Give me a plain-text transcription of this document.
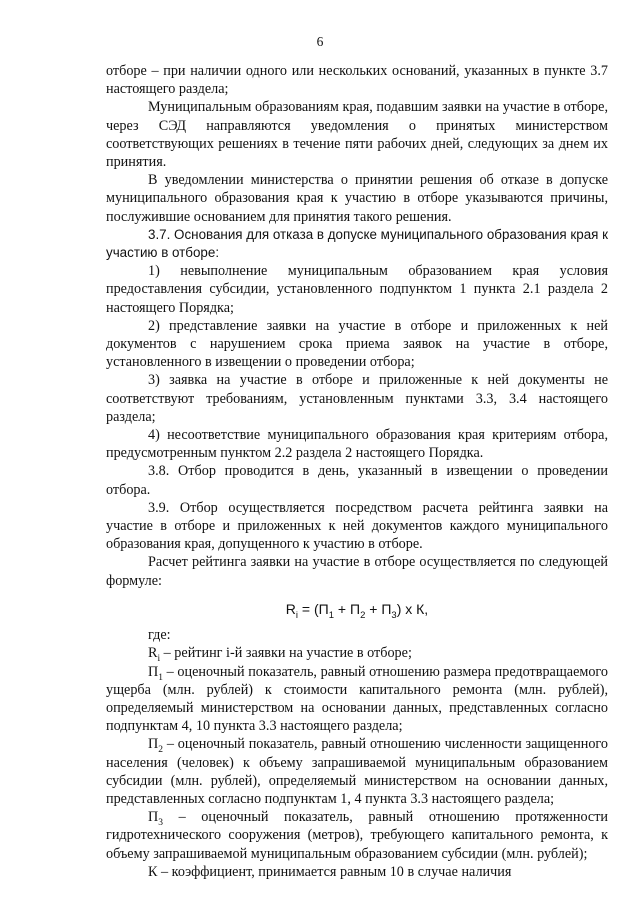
6

отборе – при наличии одного или нескольких оснований, указанных в пункте 3.7 настоящего раздела;

Муниципальным образованиям края, подавшим заявки на участие в отборе, через СЭД направляются уведомления о принятых министерством соответствующих решениях в течение пяти рабочих дней, следующих за днем их принятия.

В уведомлении министерства о принятии решения об отказе в допуске муниципального образования края к участию в отборе указываются причины, послужившие основанием для принятия такого решения.

3.7. Основания для отказа в допуске муниципального образования края к участию в отборе:

1) невыполнение муниципальным образованием края условия предоставления субсидии, установленного подпунктом 1 пункта 2.1 раздела 2 настоящего Порядка;

2) представление заявки на участие в отборе и приложенных к ней документов с нарушением срока приема заявок на участие в отборе, установленного в извещении о проведении отбора;

3) заявка на участие в отборе и приложенные к ней документы не соответствуют требованиям, установленным пунктами 3.3, 3.4 настоящего раздела;

4) несоответствие муниципального образования края критериям отбора, предусмотренным пунктом 2.2 раздела 2 настоящего Порядка.

3.8. Отбор проводится в день, указанный в извещении о проведении отбора.

3.9. Отбор осуществляется посредством расчета рейтинга заявки на участие в отборе и приложенных к ней документов каждого муниципального образования края, допущенного к участию в отборе.

Расчет рейтинга заявки на участие в отборе осуществляется по следующей формуле:

$R_i = (П_1 + П_2 + П_3)$ х К,

где:

$R_i$ – рейтинг i-й заявки на участие в отборе;

$П_1$ – оценочный показатель, равный отношению размера предотвращаемого ущерба (млн. рублей) к стоимости капитального ремонта (млн. рублей), определяемый министерством на основании данных, представленных согласно подпунктам 4, 10 пункта 3.3 настоящего раздела;

$П_2$ – оценочный показатель, равный отношению численности защищенного населения (человек) к объему запрашиваемой муниципальным образованием субсидии (млн. рублей), определяемый министерством на основании данных, представленных согласно подпунктам 1, 4 пункта 3.3 настоящего раздела;

$П_3$ – оценочный показатель, равный отношению протяженности гидротехнического сооружения (метров), требующего капитального ремонта, к объему запрашиваемой муниципальным образованием субсидии (млн. рублей);

К – коэффициент, принимается равным 10 в случае наличия
